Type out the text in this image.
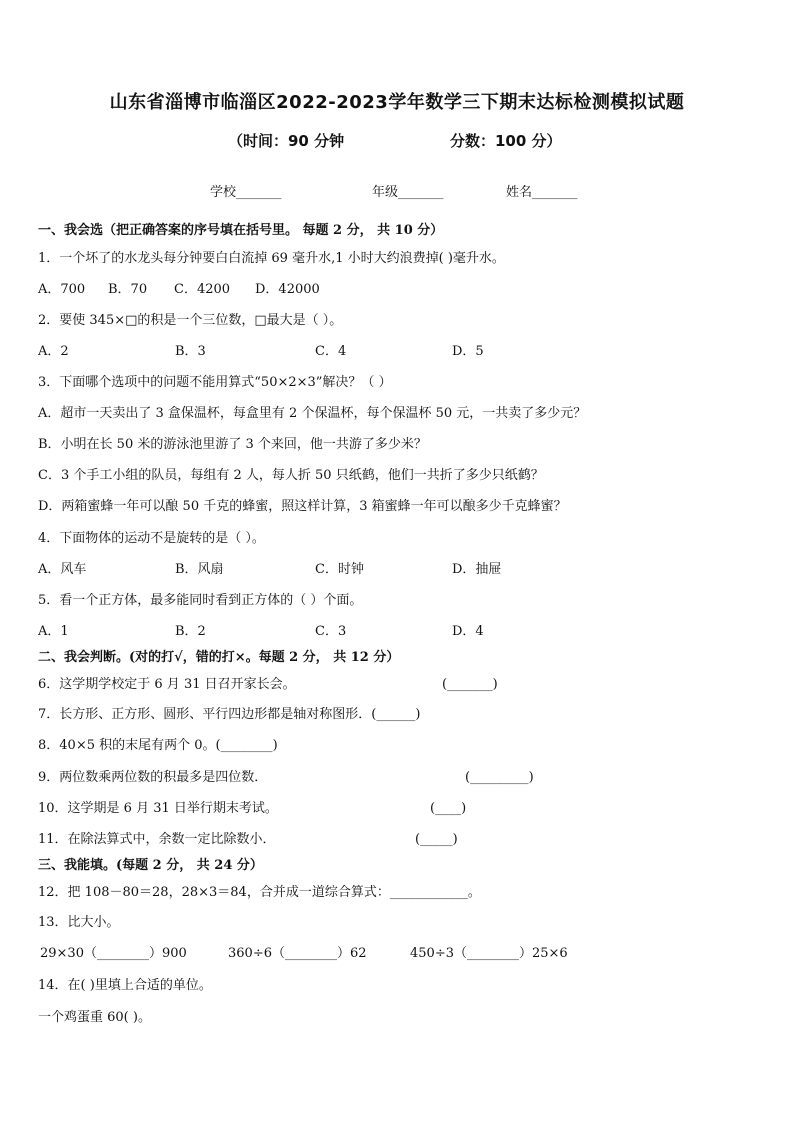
山东省淄博市临淄区2022-2023学年数学三下期末达标检测模拟试题
（时间：90 分钟	分数：100 分）
学校_______	年级_______	姓名_______
一、我会选（把正确答案的序号填在括号里。 每题 2 分， 共 10 分）
1．一个坏了的水龙头每分钟要白白流掉 69 毫升水,1 小时大约浪费掉( )毫升水。
A．700 B．70 C．4200 D．42000
2．要使 345×□的积是一个三位数，□最大是（ ）。
A．2	B．3	C．4	D．5
3．下面哪个选项中的问题不能用算式“50×2×3”解决？（ ）
A．超市一天卖出了 3 盒保温杯，每盒里有 2 个保温杯，每个保温杯 50 元，一共卖了多少元？
B．小明在长 50 米的游泳池里游了 3 个来回，他一共游了多少米？
C．3 个手工小组的队员，每组有 2 人，每人折 50 只纸鹤，他们一共折了多少只纸鹤？
D．两箱蜜蜂一年可以酿 50 千克的蜂蜜，照这样计算，3 箱蜜蜂一年可以酿多少千克蜂蜜？
4．下面物体的运动不是旋转的是（ ）。
A．风车	B．风扇	C．时钟	D．抽屉
5．看一个正方体，最多能同时看到正方体的（ ）个面。
A．1	B．2	C．3	D．4
二、我会判断。(对的打√，错的打×。每题 2 分， 共 12 分）
6．这学期学校定于 6 月 31 日召开家长会。	(_______)
7．长方形、正方形、圆形、平行四边形都是轴对称图形．(______)
8．40×5 积的末尾有两个 0。(________)
9．两位数乘两位数的积最多是四位数．	(_________)
10．这学期是 6 月 31 日举行期末考试。	(____)
11．在除法算式中，余数一定比除数小．	(_____)
三、我能填。(每题 2 分， 共 24 分）
12．把 108－80＝28，28×3＝84，合并成一道综合算式：____________。
13．比大小。
29×30（________）900	360÷6（________）62	450÷3（________）25×6
14．在( )里填上合适的单位。
一个鸡蛋重 60( )。
